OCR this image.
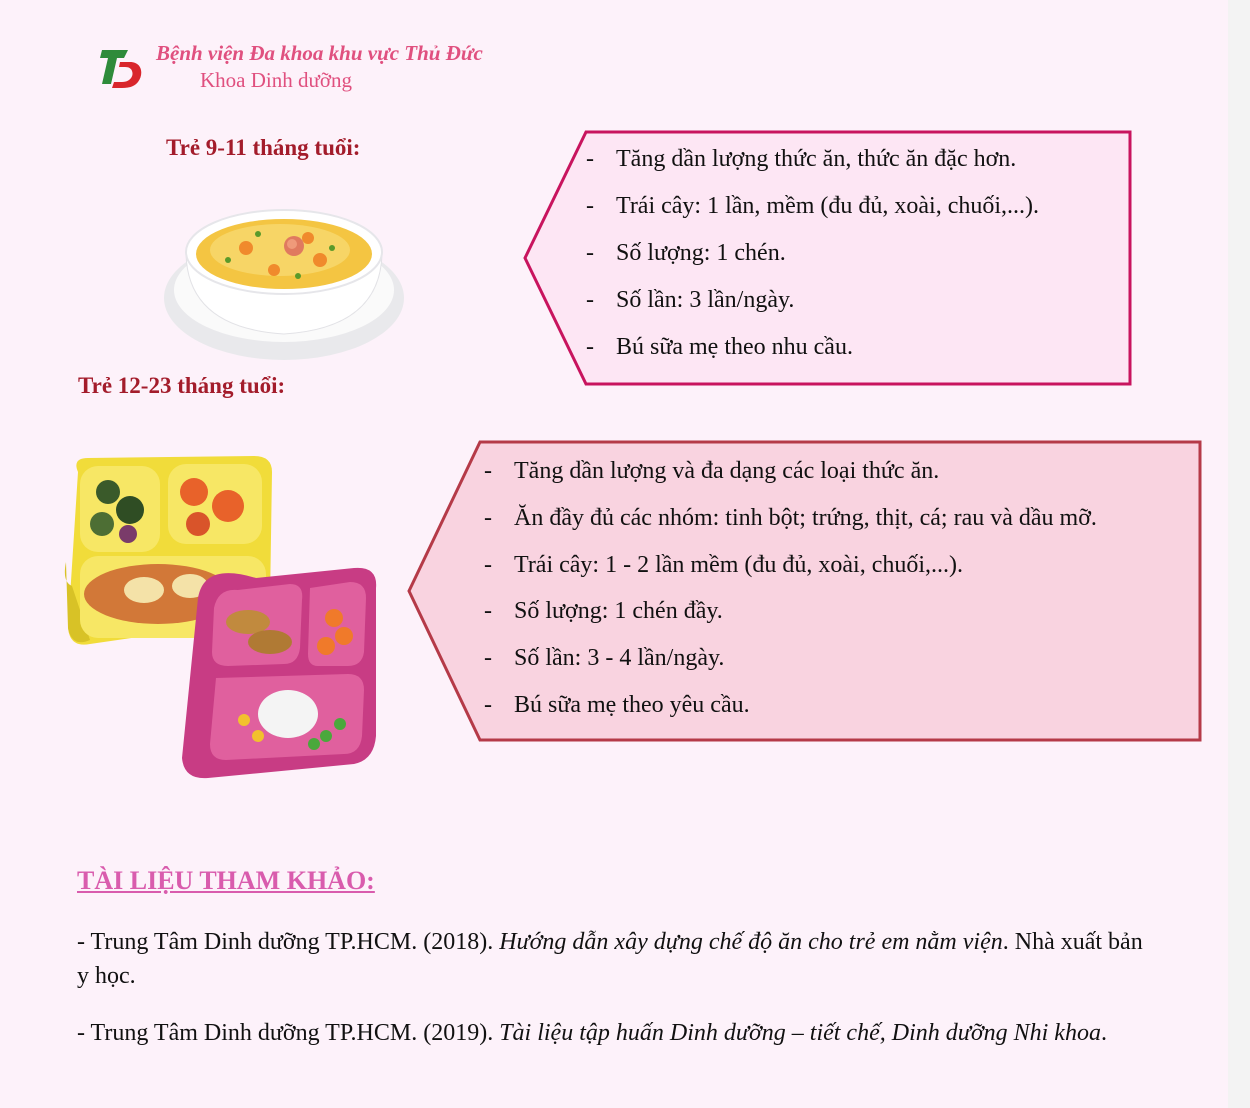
Bệnh viện Đa khoa khu vực Thủ Đức
Khoa Dinh dưỡng
Trẻ 9-11 tháng tuổi:
-	Tăng dần lượng thức ăn, thức ăn đặc hơn.
- Trái cây: 1 lần, mềm (đu đủ, xoài, chuối,...).
- Số lượng: 1 chén.
- Số lần: 3 lần/ngày.
- Bú sữa mẹ theo nhu cầu.
Trẻ 12-23 tháng tuổi:
- Tăng dần lượng và đa dạng các loại thức ăn.
- Ăn đầy đủ các nhóm: tinh bột; trứng, thịt, cá; rau và dầu mỡ.
- Trái cây: 1 - 2 lần mềm (đu đủ, xoài, chuối,...).
- Số lượng: 1 chén đầy.
- Số lần: 3 - 4 lần/ngày.
- Bú sữa mẹ theo yêu cầu.
TÀI LIỆU THAM KHẢO:
- Trung Tâm Dinh dưỡng TP.HCM. (2018). Hướng dẫn xây dựng chế độ ăn cho trẻ em nằm viện. Nhà xuất bản y học.
- Trung Tâm Dinh dưỡng TP.HCM. (2019). Tài liệu tập huấn Dinh dưỡng – tiết chế, Dinh dưỡng Nhi khoa.
